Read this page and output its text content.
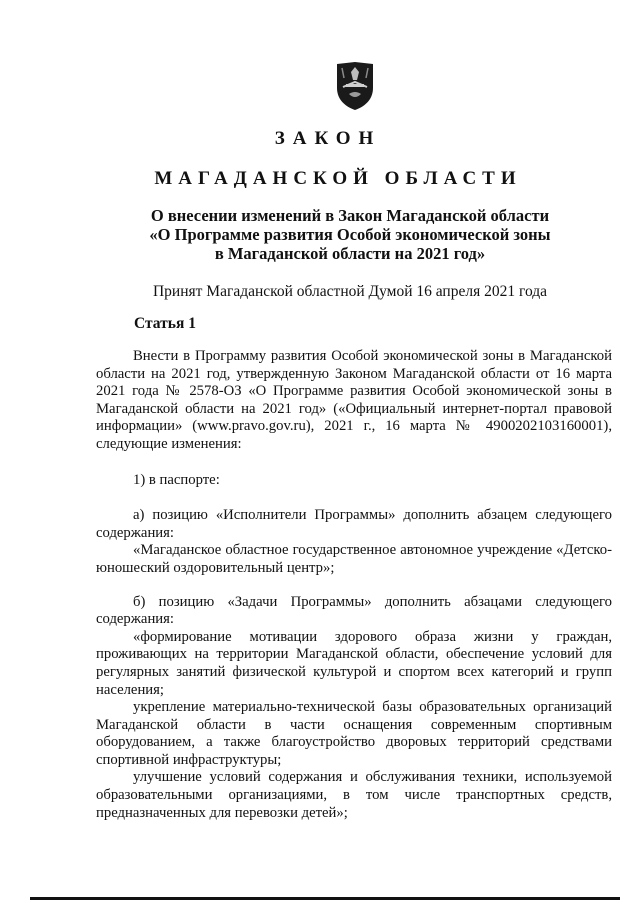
ЗАКОН
МАГАДАНСКОЙ ОБЛАСТИ
О внесении изменений в Закон Магаданской области
«О Программе развития Особой экономической зоны
в Магаданской области на 2021 год»
Принят Магаданской областной Думой 16 апреля 2021 года
Статья 1

Внести в Программу развития Особой экономической зоны в Магаданской области на 2021 год, утвержденную Законом Магаданской области от 16 марта 2021 года № 2578-ОЗ «О Программе развития Особой экономической зоны в Магаданской области на 2021 год» («Официальный интернет-портал правовой информации» (www.pravo.gov.ru), 2021 г., 16 марта № 4900202103160001), следующие изменения:

1) в паспорте:

а) позицию «Исполнители Программы» дополнить абзацем следующего содержания:

«Магаданское областное государственное автономное учреждение «Детско-юношеский оздоровительный центр»;

б) позицию «Задачи Программы» дополнить абзацами следующего содержания:

«формирование мотивации здорового образа жизни у граждан, проживающих на территории Магаданской области, обеспечение условий для регулярных занятий физической культурой и спортом всех категорий и групп населения;

укрепление материально-технической базы образовательных организаций Магаданской области в части оснащения современным спортивным оборудованием, а также благоустройство дворовых территорий средствами спортивной инфраструктуры;

улучшение условий содержания и обслуживания техники, используемой образовательными организациями, в том числе транспортных средств, предназначенных для перевозки детей»;
